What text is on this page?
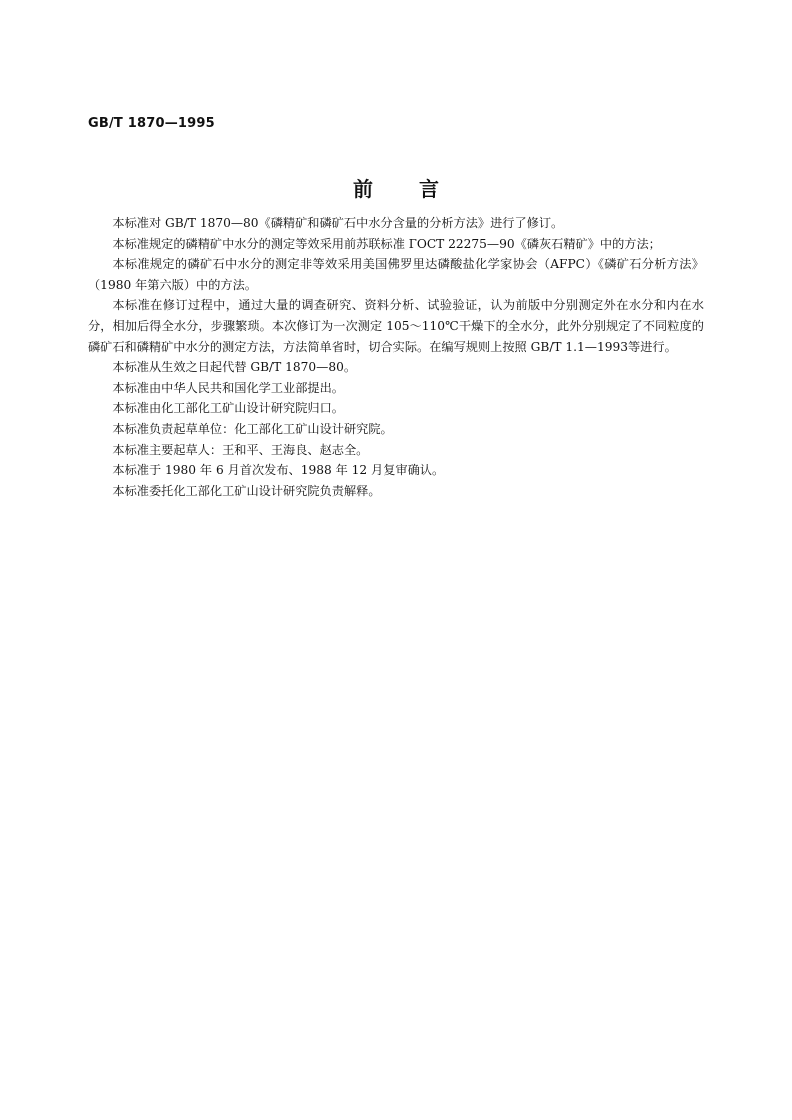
GB/T 1870—1995
前言

本标准对 GB/T 1870—80《磷精矿和磷矿石中水分含量的分析方法》进行了修订。

本标准规定的磷精矿中水分的测定等效采用前苏联标准 ГОСТ 22275—90《磷灰石精矿》中的方法；

本标准规定的磷矿石中水分的测定非等效采用美国佛罗里达磷酸盐化学家协会（AFPC）《磷矿石分析方法》（1980 年第六版）中的方法。

本标准在修订过程中，通过大量的调查研究、资料分析、试验验证，认为前版中分别测定外在水分和内在水分，相加后得全水分，步骤繁琐。本次修订为一次测定 105～110℃干燥下的全水分，此外分别规定了不同粒度的磷矿石和磷精矿中水分的测定方法，方法简单省时，切合实际。在编写规则上按照 GB/T 1.1—1993等进行。

本标准从生效之日起代替 GB/T 1870—80。

本标准由中华人民共和国化学工业部提出。

本标准由化工部化工矿山设计研究院归口。

本标准负责起草单位：化工部化工矿山设计研究院。

本标准主要起草人：王和平、王海良、赵志全。

本标准于 1980 年 6 月首次发布、1988 年 12 月复审确认。

本标准委托化工部化工矿山设计研究院负责解释。
